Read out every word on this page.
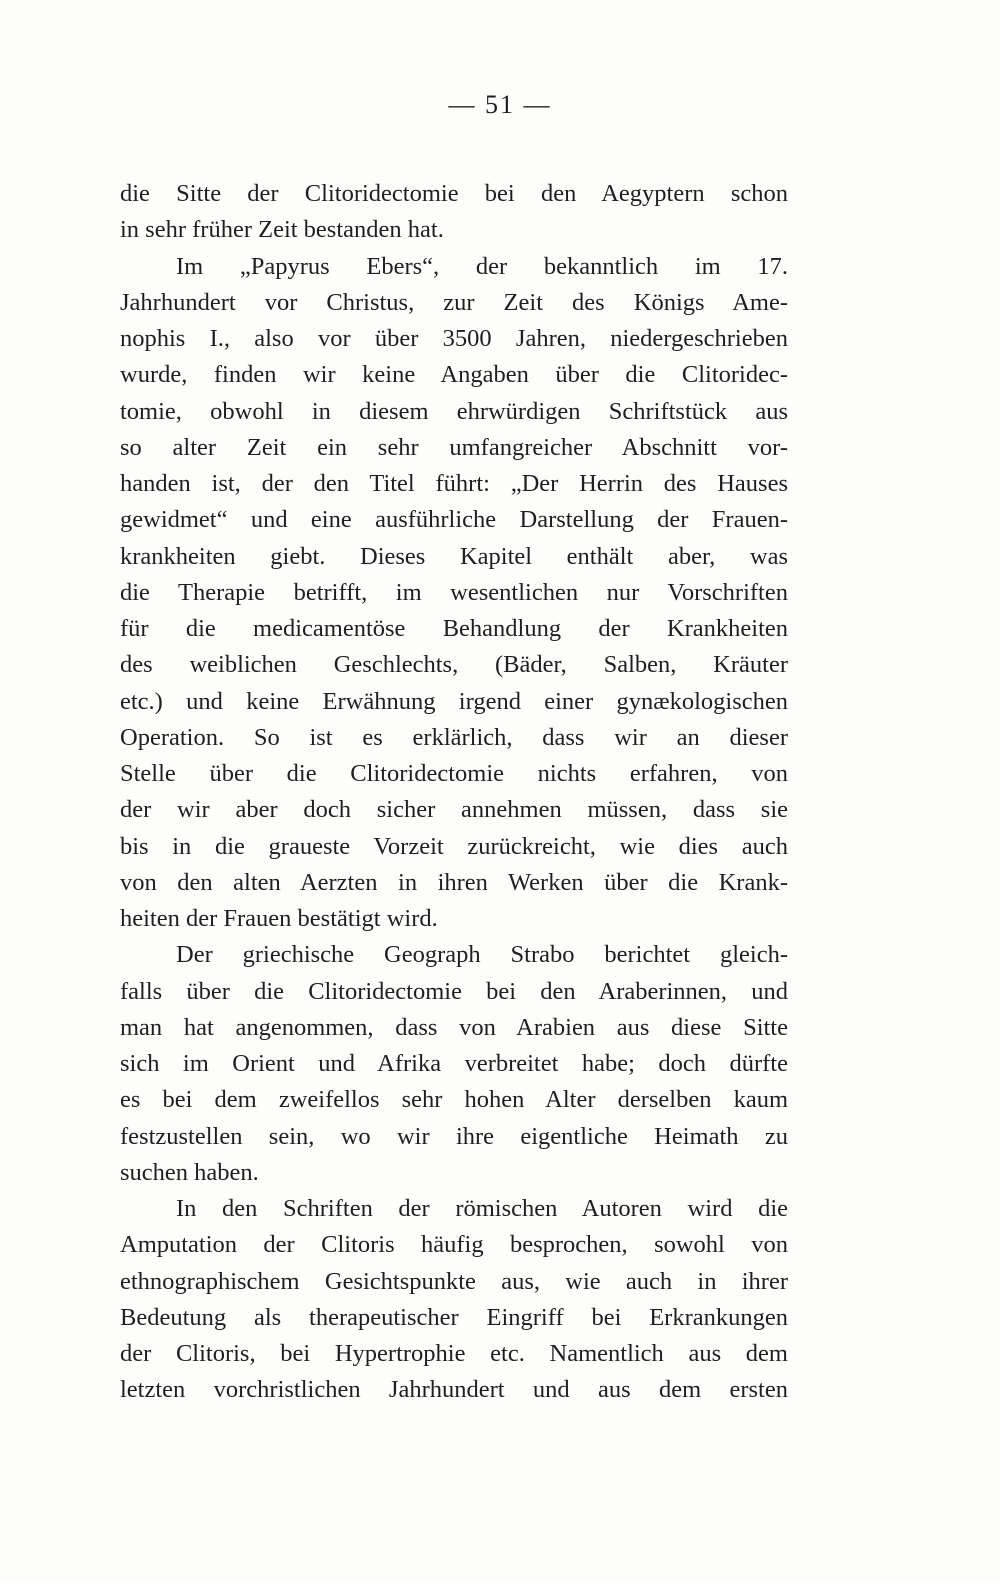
— 51 —
die Sitte der Clitoridectomie bei den Aegyptern schon
in sehr früher Zeit bestanden hat.
Im „Papyrus Ebers“, der bekanntlich im 17.
Jahrhundert vor Christus, zur Zeit des Königs Ame-
nophis I., also vor über 3500 Jahren, niedergeschrieben
wurde, finden wir keine Angaben über die Clitoridec-
tomie, obwohl in diesem ehrwürdigen Schriftstück aus
so alter Zeit ein sehr umfangreicher Abschnitt vor-
handen ist, der den Titel führt: „Der Herrin des Hauses
gewidmet“ und eine ausführliche Darstellung der Frauen-
krankheiten giebt. Dieses Kapitel enthält aber, was
die Therapie betrifft, im wesentlichen nur Vorschriften
für die medicamentöse Behandlung der Krankheiten
des weiblichen Geschlechts, (Bäder, Salben, Kräuter
etc.) und keine Erwähnung irgend einer gynækologischen
Operation. So ist es erklärlich, dass wir an dieser
Stelle über die Clitoridectomie nichts erfahren, von
der wir aber doch sicher annehmen müssen, dass sie
bis in die graueste Vorzeit zurückreicht, wie dies auch
von den alten Aerzten in ihren Werken über die Krank-
heiten der Frauen bestätigt wird.
Der griechische Geograph Strabo berichtet gleich-
falls über die Clitoridectomie bei den Araberinnen, und
man hat angenommen, dass von Arabien aus diese Sitte
sich im Orient und Afrika verbreitet habe; doch dürfte
es bei dem zweifellos sehr hohen Alter derselben kaum
festzustellen sein, wo wir ihre eigentliche Heimath zu
suchen haben.
In den Schriften der römischen Autoren wird die
Amputation der Clitoris häufig besprochen, sowohl von
ethnographischem Gesichtspunkte aus, wie auch in ihrer
Bedeutung als therapeutischer Eingriff bei Erkrankungen
der Clitoris, bei Hypertrophie etc. Namentlich aus dem
letzten vorchristlichen Jahrhundert und aus dem ersten
